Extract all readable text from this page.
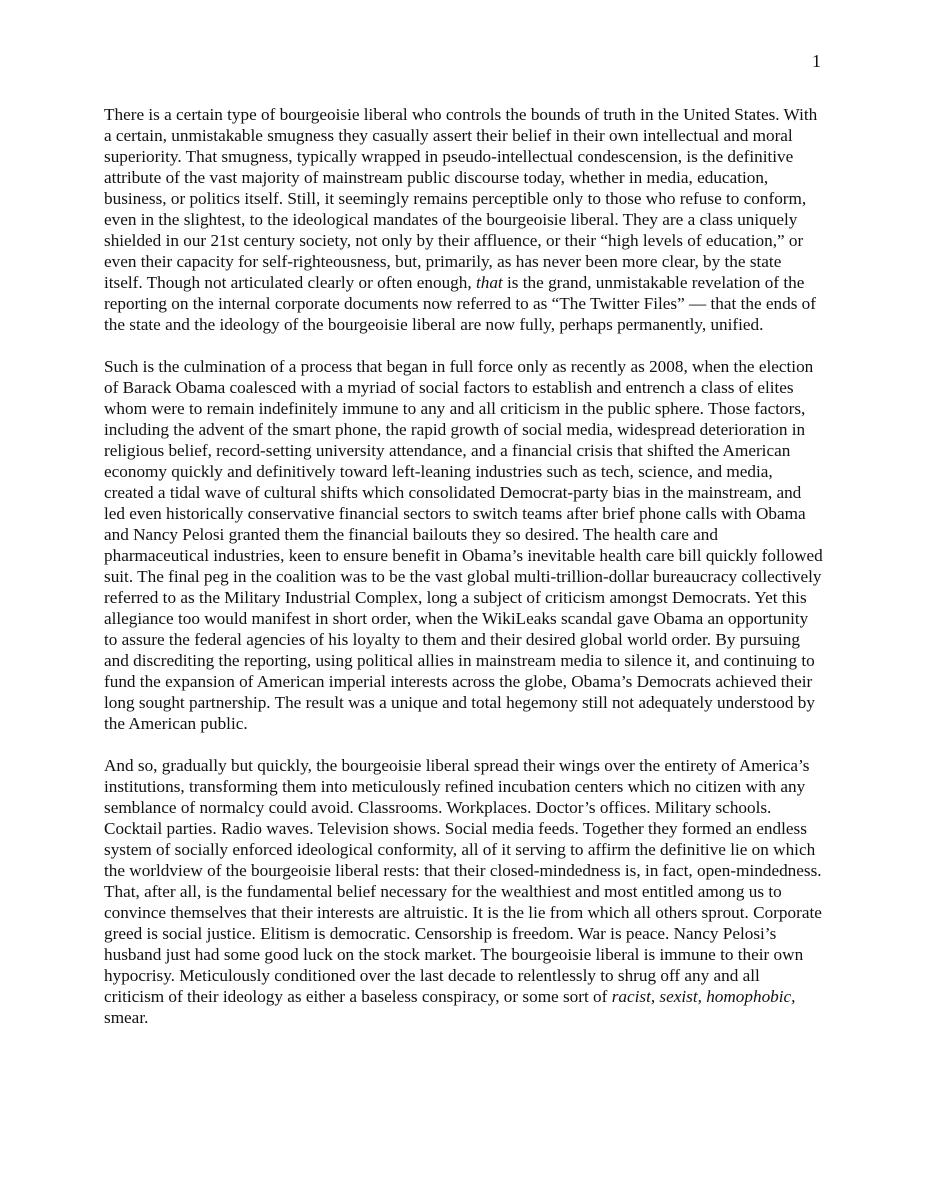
1

There is a certain type of bourgeoisie liberal who controls the bounds of truth in the United States. With a certain, unmistakable smugness they casually assert their belief in their own intellectual and moral superiority. That smugness, typically wrapped in pseudo-intellectual condescension, is the definitive attribute of the vast majority of mainstream public discourse today, whether in media, education, business, or politics itself. Still, it seemingly remains perceptible only to those who refuse to conform, even in the slightest, to the ideological mandates of the bourgeoisie liberal. They are a class uniquely shielded in our 21st century society, not only by their affluence, or their “high levels of education,” or even their capacity for self-righteousness, but, primarily, as has never been more clear, by the state itself. Though not articulated clearly or often enough, that is the grand, unmistakable revelation of the reporting on the internal corporate documents now referred to as “The Twitter Files” — that the ends of the state and the ideology of the bourgeoisie liberal are now fully, perhaps permanently, unified.

Such is the culmination of a process that began in full force only as recently as 2008, when the election of Barack Obama coalesced with a myriad of social factors to establish and entrench a class of elites whom were to remain indefinitely immune to any and all criticism in the public sphere. Those factors, including the advent of the smart phone, the rapid growth of social media, widespread deterioration in religious belief, record-setting university attendance, and a financial crisis that shifted the American economy quickly and definitively toward left-leaning industries such as tech, science, and media, created a tidal wave of cultural shifts which consolidated Democrat-party bias in the mainstream, and led even historically conservative financial sectors to switch teams after brief phone calls with Obama and Nancy Pelosi granted them the financial bailouts they so desired. The health care and pharmaceutical industries, keen to ensure benefit in Obama’s inevitable health care bill quickly followed suit. The final peg in the coalition was to be the vast global multi-trillion-dollar bureaucracy collectively referred to as the Military Industrial Complex, long a subject of criticism amongst Democrats. Yet this allegiance too would manifest in short order, when the WikiLeaks scandal gave Obama an opportunity to assure the federal agencies of his loyalty to them and their desired global world order. By pursuing and discrediting the reporting, using political allies in mainstream media to silence it, and continuing to fund the expansion of American imperial interests across the globe, Obama’s Democrats achieved their long sought partnership. The result was a unique and total hegemony still not adequately understood by the American public.

And so, gradually but quickly, the bourgeoisie liberal spread their wings over the entirety of America’s institutions, transforming them into meticulously refined incubation centers which no citizen with any semblance of normalcy could avoid. Classrooms. Workplaces. Doctor’s offices. Military schools. Cocktail parties. Radio waves. Television shows. Social media feeds. Together they formed an endless system of socially enforced ideological conformity, all of it serving to affirm the definitive lie on which the worldview of the bourgeoisie liberal rests: that their closed-mindedness is, in fact, open-mindedness. That, after all, is the fundamental belief necessary for the wealthiest and most entitled among us to convince themselves that their interests are altruistic. It is the lie from which all others sprout. Corporate greed is social justice. Elitism is democratic. Censorship is freedom. War is peace. Nancy Pelosi’s husband just had some good luck on the stock market. The bourgeoisie liberal is immune to their own hypocrisy. Meticulously conditioned over the last decade to relentlessly to shrug off any and all criticism of their ideology as either a baseless conspiracy, or some sort of racist, sexist, homophobic, smear.
